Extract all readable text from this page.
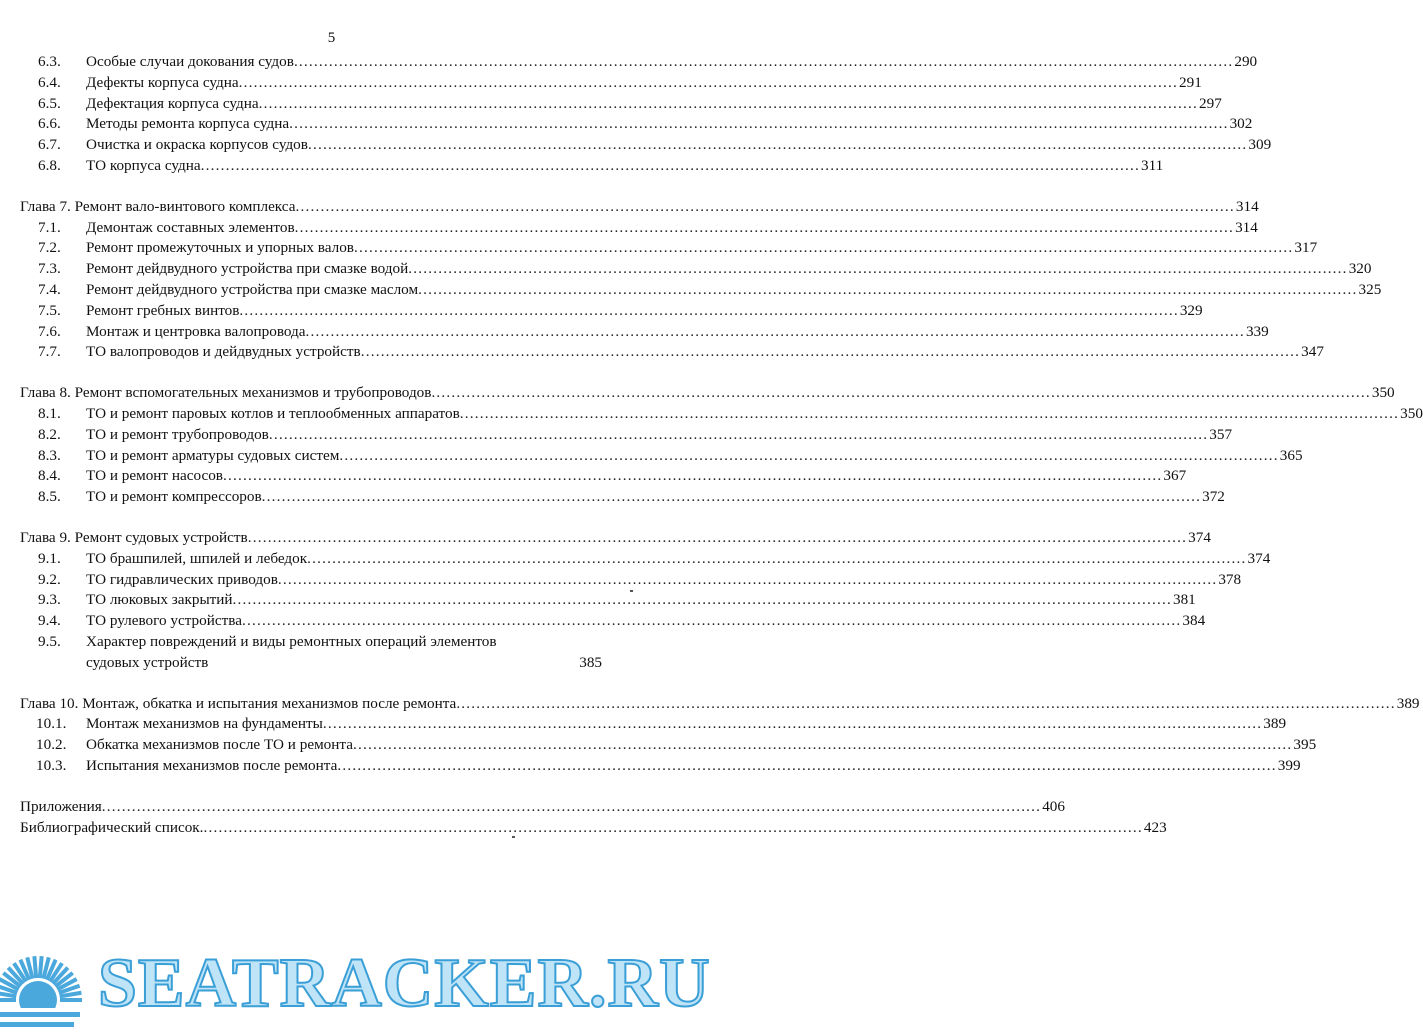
5
6.3.	Особые случаи докования судов .....	290
6.4.	Дефекты корпуса судна .....	291
6.5.	Дефектация корпуса судна .....	297
6.6.	Методы ремонта корпуса судна .....	302
6.7.	Очистка и окраска корпусов судов .....	309
6.8.	ТО корпуса судна .....	311
Глава 7. Ремонт вало-винтового комплекса .....	314
7.1.	Демонтаж составных элементов .....	314
7.2.	Ремонт промежуточных и упорных валов .....	317
7.3.	Ремонт дейдвудного устройства при смазке водой .....	320
7.4.	Ремонт дейдвудного устройства при смазке маслом .....	325
7.5.	Ремонт гребных винтов .....	329
7.6.	Монтаж и центровка валопровода .....	339
7.7.	ТО валопроводов и дейдвудных устройств .....	347
Глава 8. Ремонт вспомогательных механизмов и трубопроводов .....	350
8.1.	ТО и ремонт паровых котлов и теплообменных аппаратов .....	350
8.2.	ТО и ремонт трубопроводов .....	357
8.3.	ТО и ремонт арматуры судовых систем .....	365
8.4.	ТО и ремонт насосов .....	367
8.5.	ТО и ремонт компрессоров .....	372
Глава 9. Ремонт судовых устройств .....	374
9.1.	ТО брашпилей, шпилей и лебедок .....	374
9.2.	ТО гидравлических приводов .....	378
9.3.	ТО люковых закрытий .....	381
9.4.	ТО рулевого устройства .....	384
9.5.	Характер повреждений и виды ремонтных операций элементов
судовых устройств	385
Глава 10. Монтаж, обкатка и испытания механизмов после ремонта .....	389
10.1.	Монтаж механизмов на фундаменты .....	389
10.2.	Обкатка механизмов после ТО и ремонта .....	395
10.3.	Испытания механизмов после ремонта .....	399
Приложения .....	406
Библиографический список. .....	423
SEATRACKER.RU
